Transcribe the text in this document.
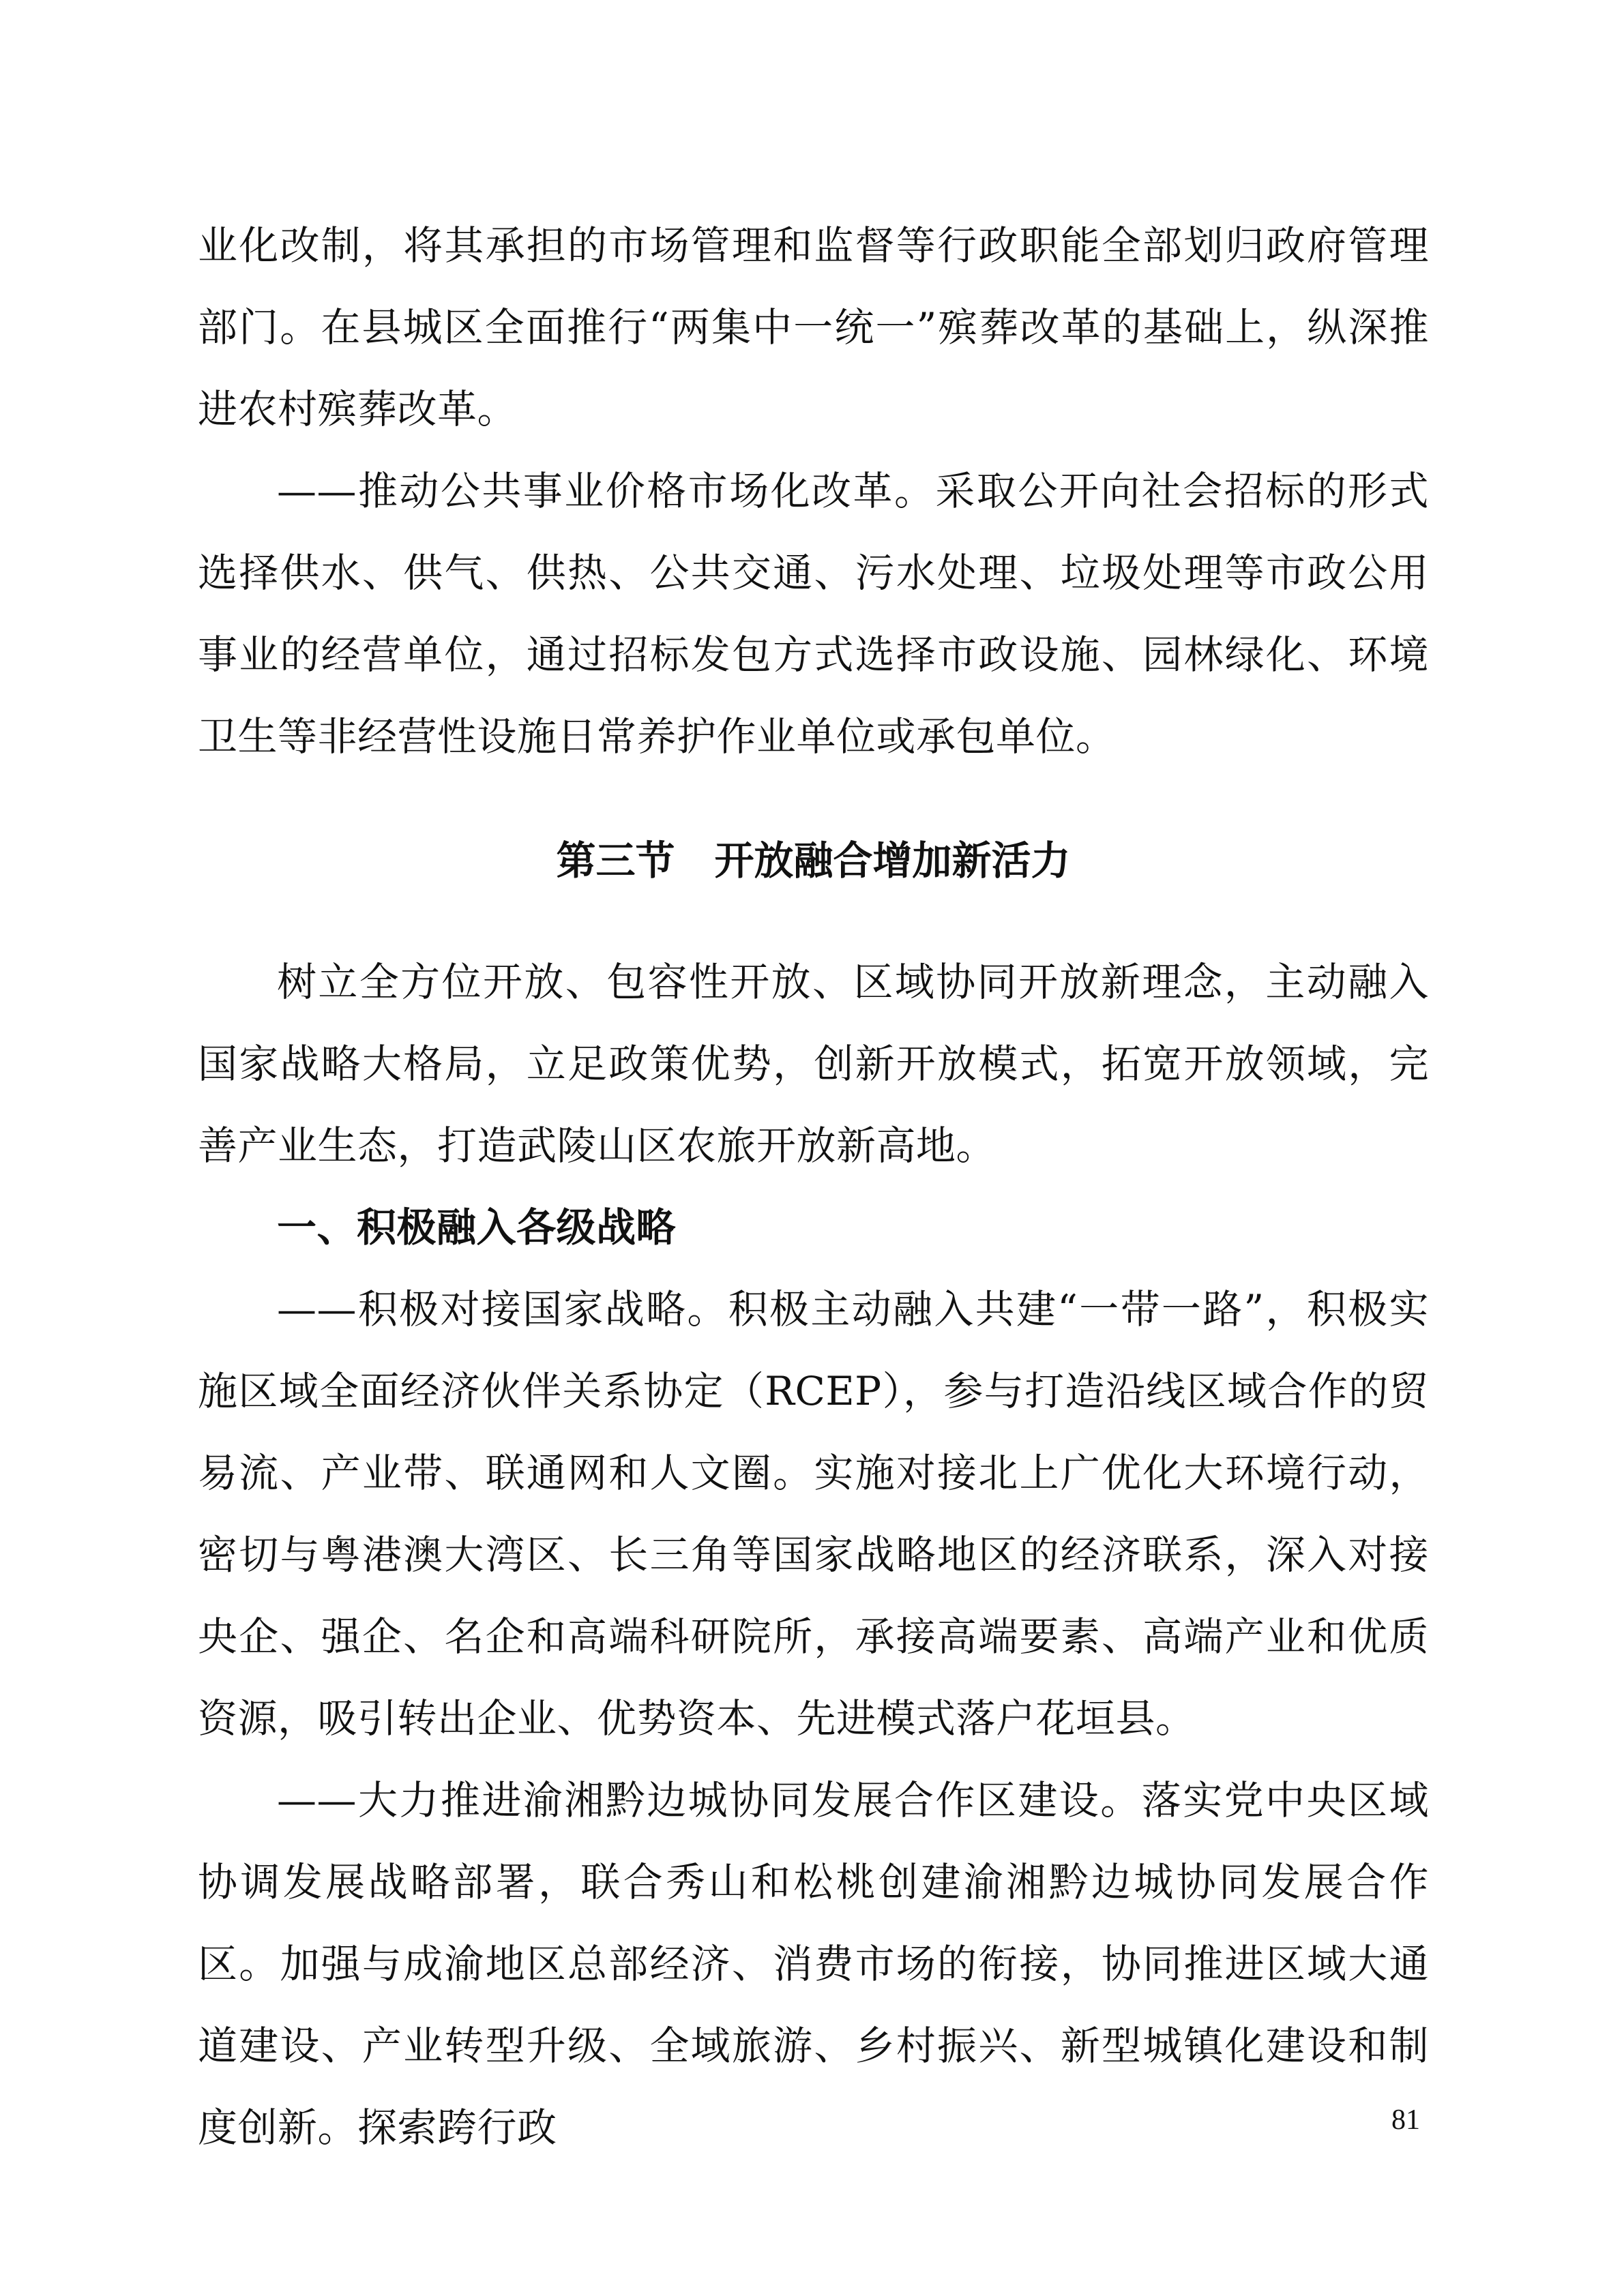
业化改制，将其承担的市场管理和监督等行政职能全部划归政府管理部门。在县城区全面推行“两集中一统一”殡葬改革的基础上，纵深推进农村殡葬改革。

——推动公共事业价格市场化改革。采取公开向社会招标的形式选择供水、供气、供热、公共交通、污水处理、垃圾处理等市政公用事业的经营单位，通过招标发包方式选择市政设施、园林绿化、环境卫生等非经营性设施日常养护作业单位或承包单位。

第三节　开放融合增加新活力

树立全方位开放、包容性开放、区域协同开放新理念，主动融入国家战略大格局，立足政策优势，创新开放模式，拓宽开放领域，完善产业生态，打造武陵山区农旅开放新高地。

一、积极融入各级战略

——积极对接国家战略。积极主动融入共建“一带一路”，积极实施区域全面经济伙伴关系协定（RCEP），参与打造沿线区域合作的贸易流、产业带、联通网和人文圈。实施对接北上广优化大环境行动，密切与粤港澳大湾区、长三角等国家战略地区的经济联系，深入对接央企、强企、名企和高端科研院所，承接高端要素、高端产业和优质资源，吸引转出企业、优势资本、先进模式落户花垣县。

——大力推进渝湘黔边城协同发展合作区建设。落实党中央区域协调发展战略部署，联合秀山和松桃创建渝湘黔边城协同发展合作区。加强与成渝地区总部经济、消费市场的衔接，协同推进区域大通道建设、产业转型升级、全域旅游、乡村振兴、新型城镇化建设和制度创新。探索跨行政	81
